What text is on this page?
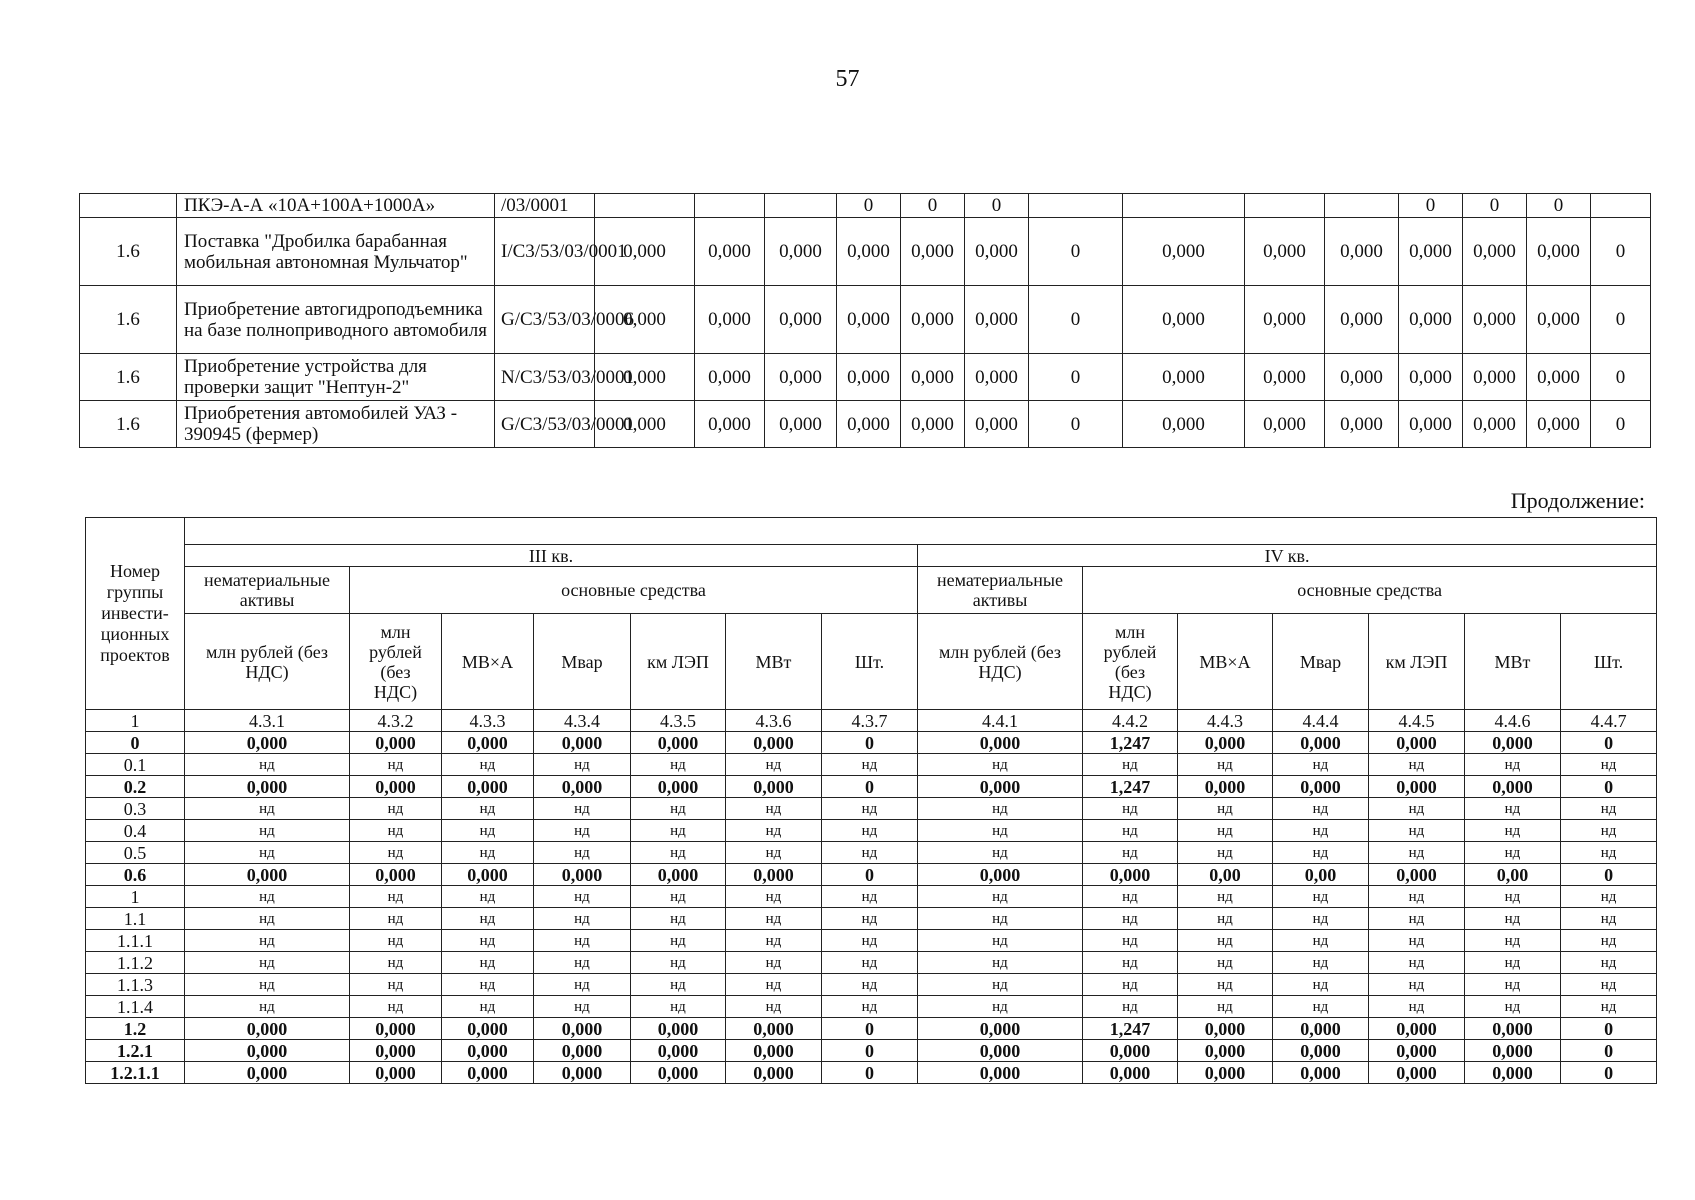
57
	ПКЭ-А-А «10А+100А+1000А»	/03/0001				0	0	0					0	0	0	
1.6	Поставка "Дробилка барабанная мобильная автономная Мульчатор"	I/C3/53/03/0001	0,000	0,000	0,000	0,000	0,000	0,000	0	0,000	0,000	0,000	0,000	0,000	0,000	0
1.6	Приобретение автогидроподъемника на базе полноприводного автомобиля	G/C3/53/03/0006	0,000	0,000	0,000	0,000	0,000	0,000	0	0,000	0,000	0,000	0,000	0,000	0,000	0
1.6	Приобретение устройства для проверки защит "Нептун-2"	N/C3/53/03/0001	0,000	0,000	0,000	0,000	0,000	0,000	0	0,000	0,000	0,000	0,000	0,000	0,000	0
1.6	Приобретения автомобилей УАЗ - 390945 (фермер)	G/C3/53/03/0001	0,000	0,000	0,000	0,000	0,000	0,000	0	0,000	0,000	0,000	0,000	0,000	0,000	0
Продолжение:
Номер группы инвести-ционных проектов														
	III кв.							IV кв.						
	нематериальные активы	основные средства						нематериальные активы	основные средства					
	млн рублей (без НДС)	млн рублей (без НДС)	МВ×А	Мвар	км ЛЭП	МВт	Шт.	млн рублей (без НДС)	млн рублей (без НДС)	МВ×А	Мвар	км ЛЭП	МВт	Шт.
1	4.3.1	4.3.2	4.3.3	4.3.4	4.3.5	4.3.6	4.3.7	4.4.1	4.4.2	4.4.3	4.4.4	4.4.5	4.4.6	4.4.7
0	0,000	0,000	0,000	0,000	0,000	0,000	0	0,000	1,247	0,000	0,000	0,000	0,000	0
0.1	нд	нд	нд	нд	нд	нд	нд	нд	нд	нд	нд	нд	нд	нд
0.2	0,000	0,000	0,000	0,000	0,000	0,000	0	0,000	1,247	0,000	0,000	0,000	0,000	0
0.3	нд	нд	нд	нд	нд	нд	нд	нд	нд	нд	нд	нд	нд	нд
0.4	нд	нд	нд	нд	нд	нд	нд	нд	нд	нд	нд	нд	нд	нд
0.5	нд	нд	нд	нд	нд	нд	нд	нд	нд	нд	нд	нд	нд	нд
0.6	0,000	0,000	0,000	0,000	0,000	0,000	0	0,000	0,000	0,00	0,00	0,000	0,00	0
1	нд	нд	нд	нд	нд	нд	нд	нд	нд	нд	нд	нд	нд	нд
1.1	нд	нд	нд	нд	нд	нд	нд	нд	нд	нд	нд	нд	нд	нд
1.1.1	нд	нд	нд	нд	нд	нд	нд	нд	нд	нд	нд	нд	нд	нд
1.1.2	нд	нд	нд	нд	нд	нд	нд	нд	нд	нд	нд	нд	нд	нд
1.1.3	нд	нд	нд	нд	нд	нд	нд	нд	нд	нд	нд	нд	нд	нд
1.1.4	нд	нд	нд	нд	нд	нд	нд	нд	нд	нд	нд	нд	нд	нд
1.2	0,000	0,000	0,000	0,000	0,000	0,000	0	0,000	1,247	0,000	0,000	0,000	0,000	0
1.2.1	0,000	0,000	0,000	0,000	0,000	0,000	0	0,000	0,000	0,000	0,000	0,000	0,000	0
1.2.1.1	0,000	0,000	0,000	0,000	0,000	0,000	0	0,000	0,000	0,000	0,000	0,000	0,000	0
